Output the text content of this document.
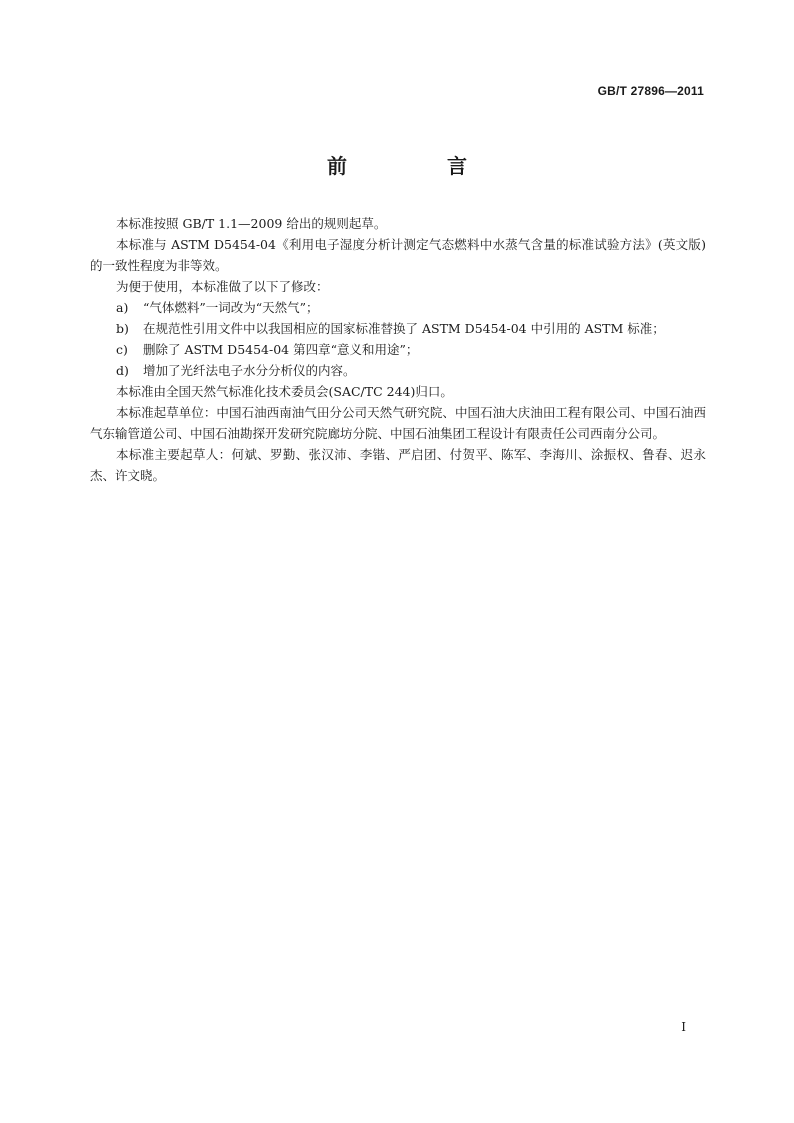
GB/T 27896—2011
前　言

本标准按照 GB/T 1.1—2009 给出的规则起草。

本标准与 ASTM D5454-04《利用电子湿度分析计测定气态燃料中水蒸气含量的标准试验方法》(英文版)的一致性程度为非等效。

为便于使用，本标准做了以下了修改：

a)	“气体燃料”一词改为“天然气”；
b)	在规范性引用文件中以我国相应的国家标准替换了 ASTM D5454-04 中引用的 ASTM 标准；
c)	删除了 ASTM D5454-04 第四章“意义和用途”；
d)	增加了光纤法电子水分分析仪的内容。

本标准由全国天然气标准化技术委员会(SAC/TC 244)归口。

本标准起草单位：中国石油西南油气田分公司天然气研究院、中国石油大庆油田工程有限公司、中国石油西气东输管道公司、中国石油勘探开发研究院廊坊分院、中国石油集团工程设计有限责任公司西南分公司。

本标准主要起草人：何斌、罗勤、张汉沛、李锴、严启团、付贺平、陈军、李海川、涂振权、鲁春、迟永杰、许文晓。

I
